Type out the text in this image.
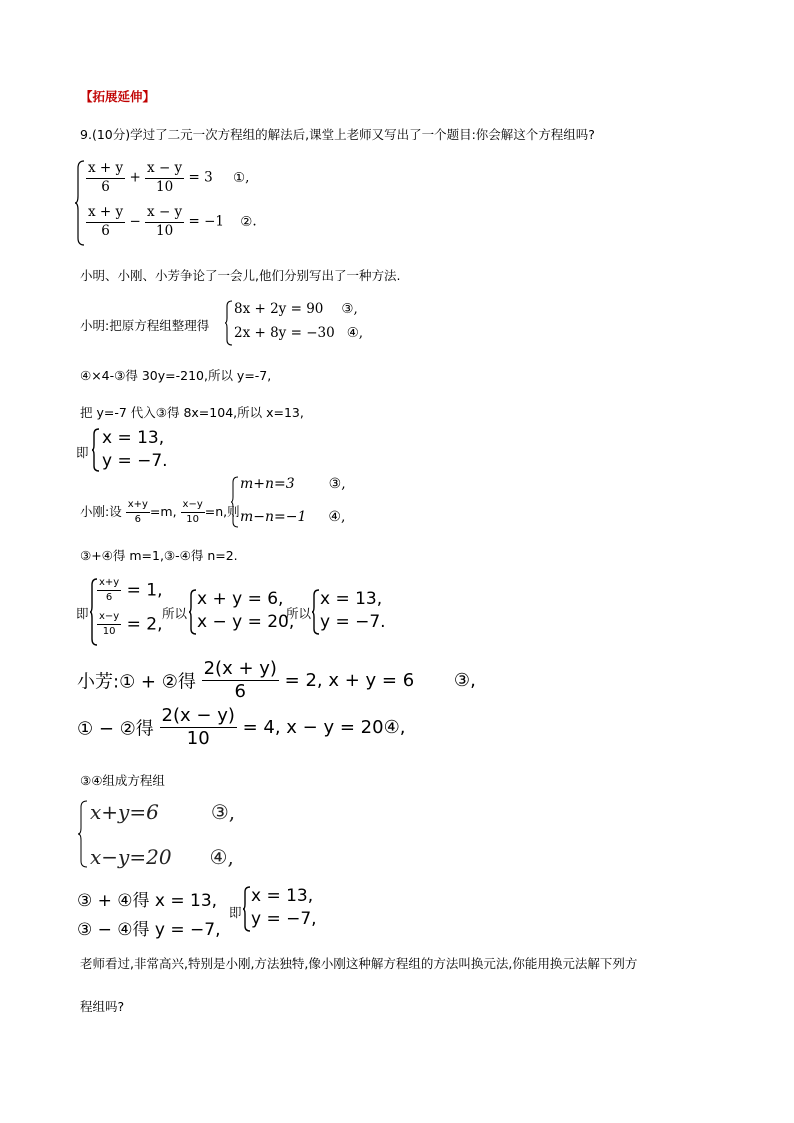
【拓展延伸】
9.(10分)学过了二元一次方程组的解法后,课堂上老师又写出了一个题目:你会解这个方程组吗?
$\frac{x + y}{6} + \frac{x - y}{10} = 3$ ①,
$\frac{x + y}{6} - \frac{x - y}{10} = -1$ ②.
小明、小刚、小芳争论了一会儿,他们分别写出了一种方法.
小明:把原方程组整理得
8x + 2y = 90 ③,
2x + 8y = −30 ④,
④×4-③得 30y=-210,所以 y=-7,
把 y=-7 代入③得 8x=104,所以 x=13,
即
x = 13,
y = −7.
小刚:设 $\frac{x+y}{6} =m$, $\frac{x-y}{10} =n$,则
m+n=3 ③,
m−n=−1 ④,
③+④得 m=1,③-④得 n=2.
即
$\frac{x+y}{6} = 1$,
$\frac{x-y}{10} = 2$,
所以
x + y = 6,
x − y = 20,
所以
x = 13,
y = −7.
小芳:① + ②得 $\frac{2(x + y)}{6} = 2$, x + y = 6 ③,
① − ②得 $\frac{2(x - y)}{10} = 4$, x − y = 20④,
③④组成方程组
x+y=6	③,
x−y=20 ④,
③ + ④得 x = 13,
③ − ④得 y = −7,
即
x = 13,
y = −7,
老师看过,非常高兴,特别是小刚,方法独特,像小刚这种解方程组的方法叫换元法,你能用换元法解下列方
程组吗?
